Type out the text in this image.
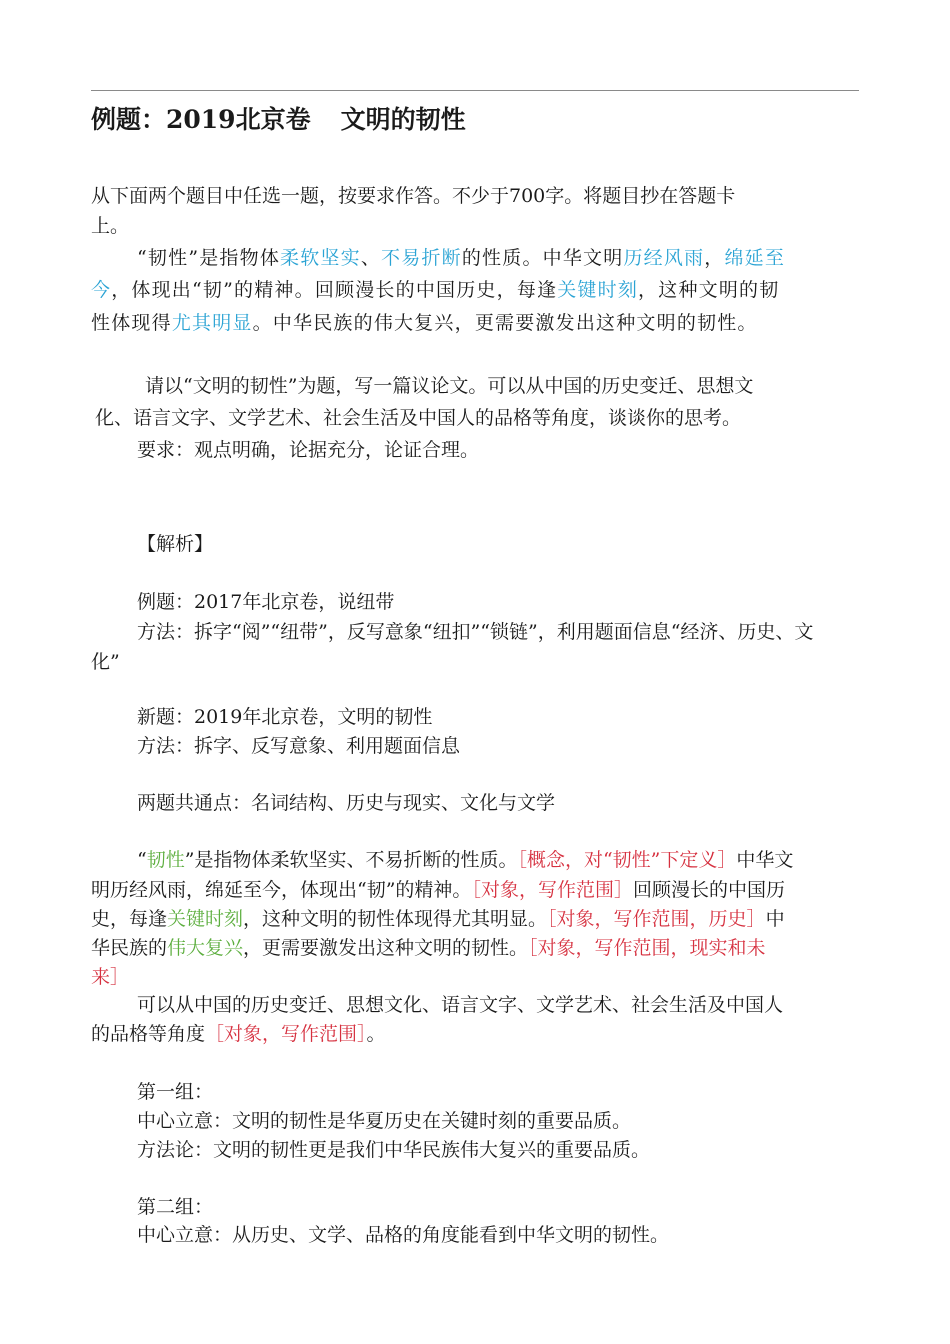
例题：2019北京卷 文明的韧性
从下面两个题目中任选一题，按要求作答。不少于700字。将题目抄在答题卡
上。
“韧性”是指物体柔软坚实、不易折断的性质。中华文明历经风雨，绵延至
今，体现出“韧”的精神。回顾漫长的中国历史，每逢关键时刻，这种文明的韧
性体现得尤其明显。中华民族的伟大复兴，更需要激发出这种文明的韧性。
请以“文明的韧性”为题，写一篇议论文。可以从中国的历史变迁、思想文
化、语言文字、文学艺术、社会生活及中国人的品格等角度，谈谈你的思考。
要求：观点明确，论据充分，论证合理。
【解析】
例题：2017年北京卷，说纽带
方法：拆字“阅”“纽带”，反写意象“纽扣”“锁链”，利用题面信息“经济、历史、文
化”
新题：2019年北京卷，文明的韧性
方法：拆字、反写意象、利用题面信息
两题共通点：名词结构、历史与现实、文化与文学
“韧性”是指物体柔软坚实、不易折断的性质。［概念，对“韧性”下定义］中华文
明历经风雨，绵延至今，体现出“韧”的精神。［对象，写作范围］回顾漫长的中国历
史，每逢关键时刻，这种文明的韧性体现得尤其明显。［对象，写作范围，历史］中
华民族的伟大复兴，更需要激发出这种文明的韧性。［对象，写作范围，现实和未
来］
可以从中国的历史变迁、思想文化、语言文字、文学艺术、社会生活及中国人
的品格等角度［对象，写作范围］。
第一组：
中心立意：文明的韧性是华夏历史在关键时刻的重要品质。
方法论：文明的韧性更是我们中华民族伟大复兴的重要品质。
第二组：
中心立意：从历史、文学、品格的角度能看到中华文明的韧性。
